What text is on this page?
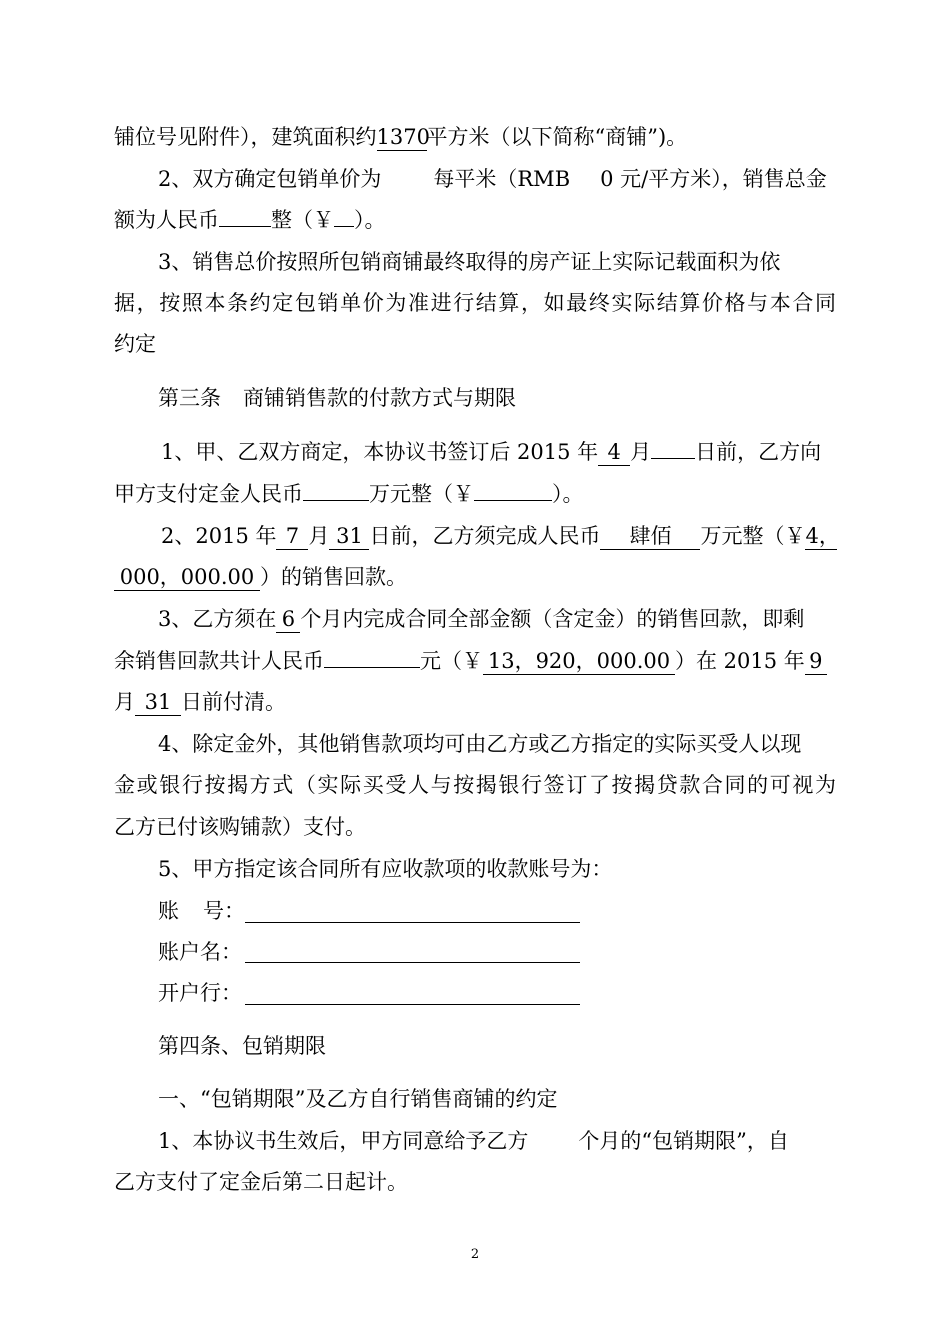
铺位号见附件），建筑面积约1370平方米（以下简称“商铺”)。
2、双方确定包销单价为 每平米（RMB 0 元/平方米），销售总金
额为人民币 整（￥ ）。
3、销售总价按照所包销商铺最终取得的房产证上实际记载面积为依
据，按照本条约定包销单价为准进行结算，如最终实际结算价格与本合同
约定
第三条 商铺销售款的付款方式与期限
1、甲、乙双方商定，本协议书签订后 2015 年 4 月 日前，乙方向
甲方支付定金人民币	万元整（￥	）。
2、2015 年 7 月 31 日前，乙方须完成人民币 肆佰 万元整（￥4，
000，000.00 ）的销售回款。
3、乙方须在 6 个月内完成合同全部金额（含定金）的销售回款，即剩
余销售回款共计人民币	元（￥ 13，920，000.00 ）在 2015 年 9
月 31 日前付清。
4、除定金外，其他销售款项均可由乙方或乙方指定的实际买受人以现
金或银行按揭方式（实际买受人与按揭银行签订了按揭贷款合同的可视为
乙方已付该购铺款）支付。
5、甲方指定该合同所有应收款项的收款账号为：
账 号：
账户名：
开户行：
第四条、包销期限
一、“包销期限”及乙方自行销售商铺的约定
1、本协议书生效后，甲方同意给予乙方 个月的“包销期限”，自
乙方支付了定金后第二日起计。
2
